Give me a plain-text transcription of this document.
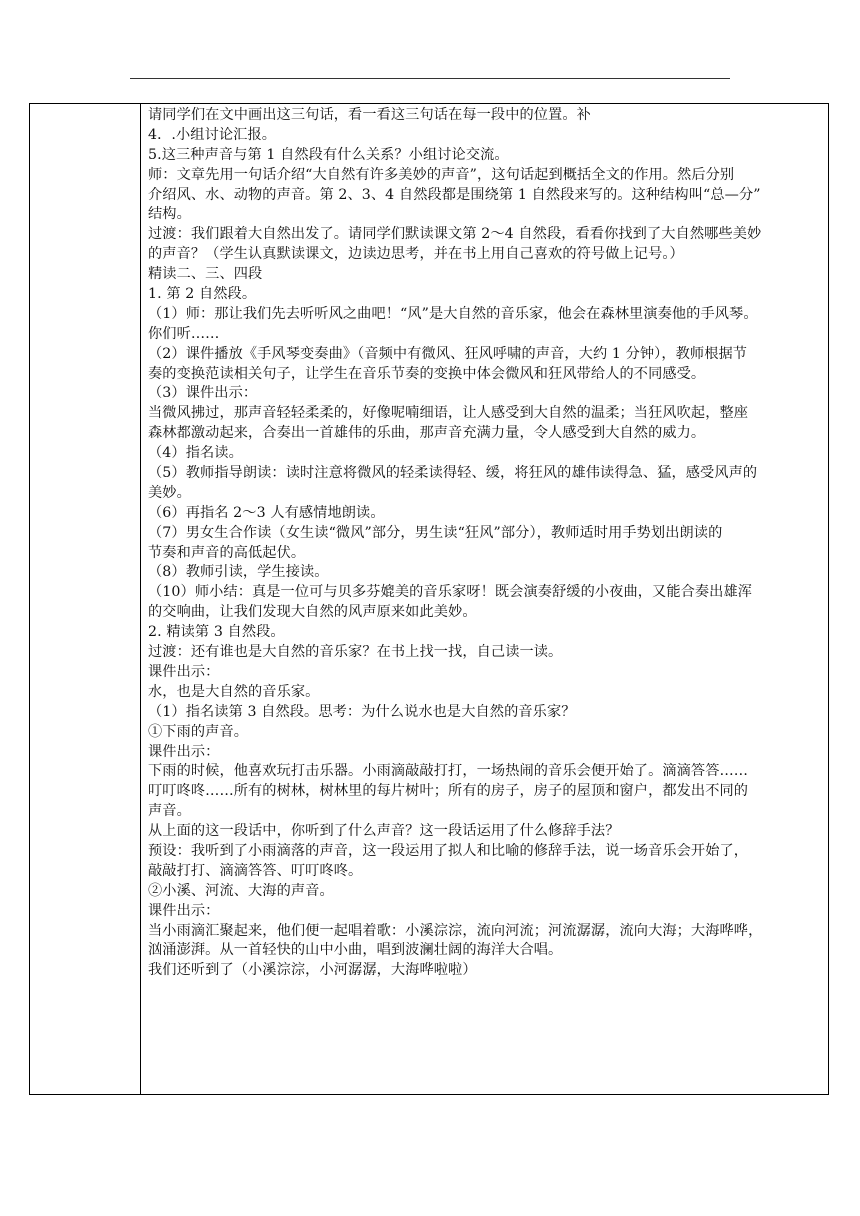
请同学们在文中画出这三句话，看一看这三句话在每一段中的位置。补
4．.小组讨论汇报。
5.这三种声音与第 1 自然段有什么关系？小组讨论交流。
师：文章先用一句话介绍“大自然有许多美妙的声音”，这句话起到概括全文的作用。然后分别
介绍风、水、动物的声音。第 2、3、4 自然段都是围绕第 1 自然段来写的。这种结构叫“总—分”
结构。
过渡：我们跟着大自然出发了。请同学们默读课文第 2～4 自然段，看看你找到了大自然哪些美妙
的声音？（学生认真默读课文，边读边思考，并在书上用自己喜欢的符号做上记号。）
精读二、三、四段
1. 第 2 自然段。
（1）师：那让我们先去听听风之曲吧！“风”是大自然的音乐家，他会在森林里演奏他的手风琴。
你们听……
（2）课件播放《手风琴变奏曲》（音频中有微风、狂风呼啸的声音，大约 1 分钟），教师根据节
奏的变换范读相关句子，让学生在音乐节奏的变换中体会微风和狂风带给人的不同感受。
（3）课件出示：
当微风拂过，那声音轻轻柔柔的，好像呢喃细语，让人感受到大自然的温柔；当狂风吹起，整座
森林都激动起来，合奏出一首雄伟的乐曲，那声音充满力量，令人感受到大自然的威力。
（4）指名读。
（5）教师指导朗读：读时注意将微风的轻柔读得轻、缓，将狂风的雄伟读得急、猛，感受风声的
美妙。
（6）再指名 2～3 人有感情地朗读。
（7）男女生合作读（女生读“微风”部分，男生读“狂风”部分），教师适时用手势划出朗读的
节奏和声音的高低起伏。
（8）教师引读，学生接读。
（10）师小结：真是一位可与贝多芬媲美的音乐家呀！既会演奏舒缓的小夜曲，又能合奏出雄浑
的交响曲，让我们发现大自然的风声原来如此美妙。
2. 精读第 3 自然段。
过渡：还有谁也是大自然的音乐家？在书上找一找，自己读一读。
课件出示：
水，也是大自然的音乐家。
（1）指名读第 3 自然段。思考：为什么说水也是大自然的音乐家？
①下雨的声音。
课件出示：
下雨的时候，他喜欢玩打击乐器。小雨滴敲敲打打，一场热闹的音乐会便开始了。滴滴答答……
叮叮咚咚……所有的树林，树林里的每片树叶；所有的房子，房子的屋顶和窗户，都发出不同的
声音。
从上面的这一段话中，你听到了什么声音？这一段话运用了什么修辞手法？
预设：我听到了小雨滴落的声音，这一段运用了拟人和比喻的修辞手法，说一场音乐会开始了，
敲敲打打、滴滴答答、叮叮咚咚。
②小溪、河流、大海的声音。
课件出示：
当小雨滴汇聚起来，他们便一起唱着歌：小溪淙淙，流向河流；河流潺潺，流向大海；大海哗哗，
汹涌澎湃。从一首轻快的山中小曲，唱到波澜壮阔的海洋大合唱。
我们还听到了（小溪淙淙，小河潺潺，大海哗啦啦）
